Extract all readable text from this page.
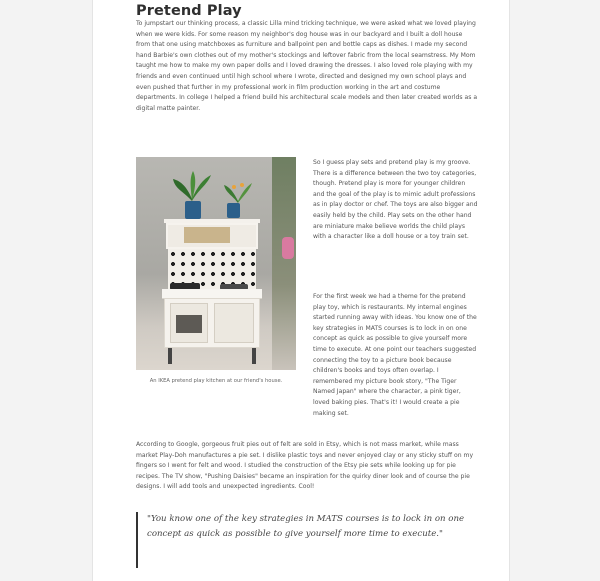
Pretend Play

To jumpstart our thinking process, a classic Lilla mind tricking technique, we were asked what we loved playing when we were kids. For some reason my neighbor's dog house was in our backyard and I built a doll house from that one using matchboxes as furniture and ballpoint pen and bottle caps as dishes. I made my second hand Barbie's own clothes out of my mother's stockings and leftover fabric from the local seamstress. My Mom taught me how to make my own paper dolls and I loved drawing the dresses. I also loved role playing with my friends and even continued until high school where I wrote, directed and designed my own school plays and even pushed that further in my professional work in film production working in the art and costume departments. In college I helped a friend build his architectural scale models and then later created worlds as a digital matte painter.

An IKEA pretend play kitchen at our friend's house.

So I guess play sets and pretend play is my groove. There is a difference between the two toy categories, though. Pretend play is more for younger children and the goal of the play is to mimic adult professions as in play doctor or chef. The toys are also bigger and easily held by the child. Play sets on the other hand are miniature make believe worlds the child plays with a character like a doll house or a toy train set.

For the first week we had a theme for the pretend play toy, which is restaurants. My internal engines started running away with ideas. You know one of the key strategies in MATS courses is to lock in on one concept as quick as possible to give yourself more time to execute. At one point our teachers suggested connecting the toy to a picture book because children's books and toys often overlap. I remembered my picture book story, "The Tiger Named Japan" where the character, a pink tiger, loved baking pies. That's it! I would create a pie making set.

According to Google, gorgeous fruit pies out of felt are sold in Etsy, which is not mass market, while mass market Play-Doh manufactures a pie set. I dislike plastic toys and never enjoyed clay or any sticky stuff on my fingers so I went for felt and wood. I studied the construction of the Etsy pie sets while looking up for pie recipes. The TV show, "Pushing Daisies" became an inspiration for the quirky diner look and of course the pie designs. I will add tools and unexpected ingredients. Cool!

"You know one of the key strategies in MATS courses is to lock in on one concept as quick as possible to give yourself more time to execute."
